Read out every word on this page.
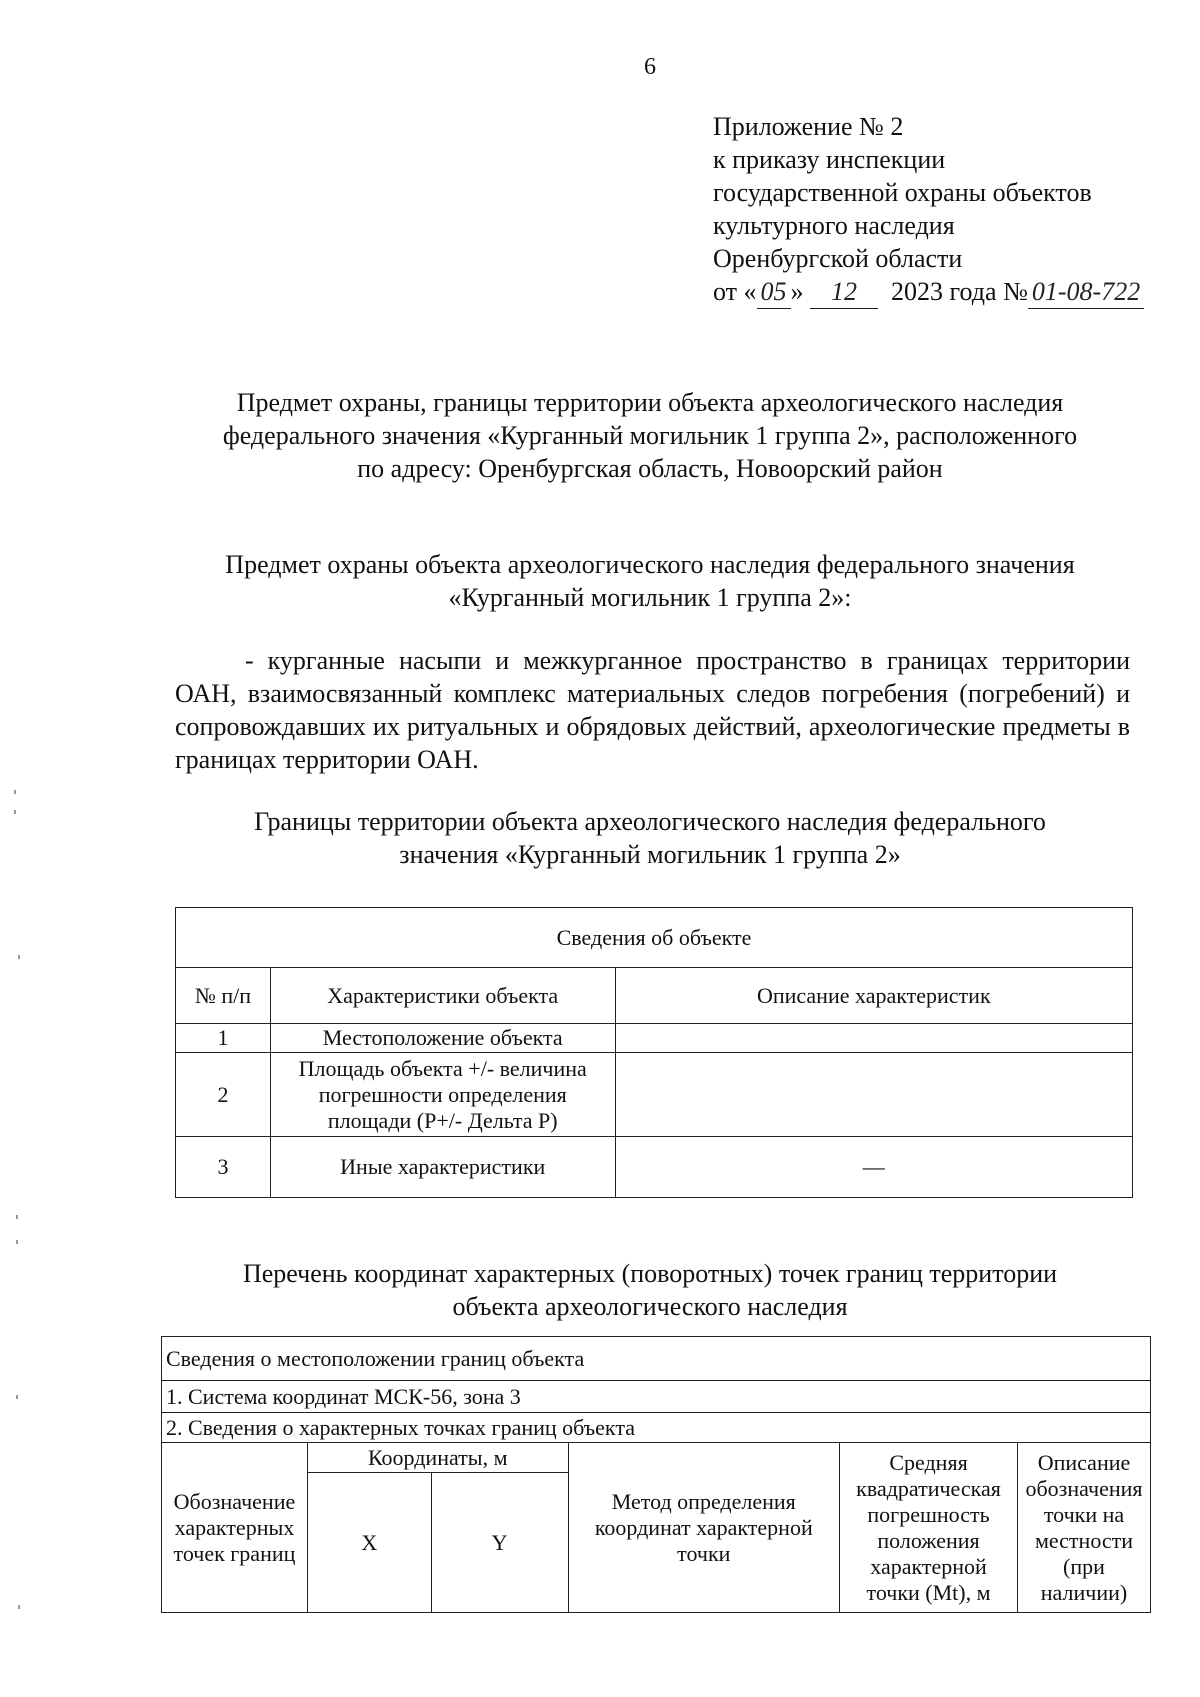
6
Приложение № 2
к приказу инспекции
государственной охраны объектов
культурного наследия
Оренбургской области
от « 05 » 12 2023 года № 01-08-722
Предмет охраны, границы территории объекта археологического наследия
федерального значения «Курганный могильник 1 группа 2», расположенного
по адресу: Оренбургская область, Новоорский район
Предмет охраны объекта археологического наследия федерального значения
«Курганный могильник 1 группа 2»:
- курганные насыпи и межкурганное пространство в границах территории ОАН, взаимосвязанный комплекс материальных следов погребения (погребений) и сопровождавших их ритуальных и обрядовых действий, археологические предметы в границах территории ОАН.
Границы территории объекта археологического наследия федерального
значения «Курганный могильник 1 группа 2»
Сведения об объекте		
№ п/п	Характеристики объекта	Описание характеристик
1	Местоположение объекта	
2	Площадь объекта +/- величина погрешности определения площади (Р+/- Дельта Р)	
3	Иные характеристики	—
Перечень координат характерных (поворотных) точек границ территории
объекта археологического наследия
Сведения о местоположении границ объекта					
1. Система координат МСК-56, зона 3					
2. Сведения о характерных точках границ объекта					
Обозначение характерных точек границ	Координаты, м		Метод определения координат характерной точки	Средняя квадратическая погрешность положения характерной точки (Mt), м	Описание обозначения точки на местности (при наличии)
	X	Y			
